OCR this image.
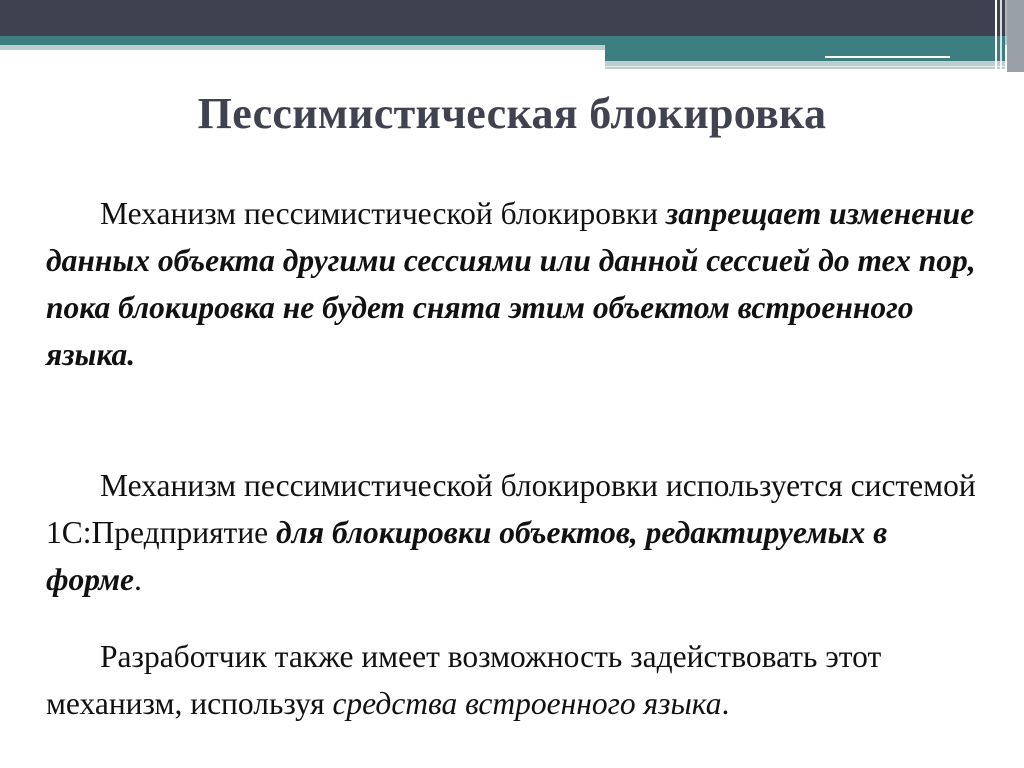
Пессимистическая блокировка

Механизм пессимистической блокировки запрещает изменение данных объекта другими сессиями или данной сессией до тех пор, пока блокировка не будет снята этим объектом встроенного языка.

Механизм пессимистической блокировки используется системой 1С:Предприятие для блокировки объектов, редактируемых в форме.

Разработчик также имеет возможность задействовать этот механизм, используя средства встроенного языка.
